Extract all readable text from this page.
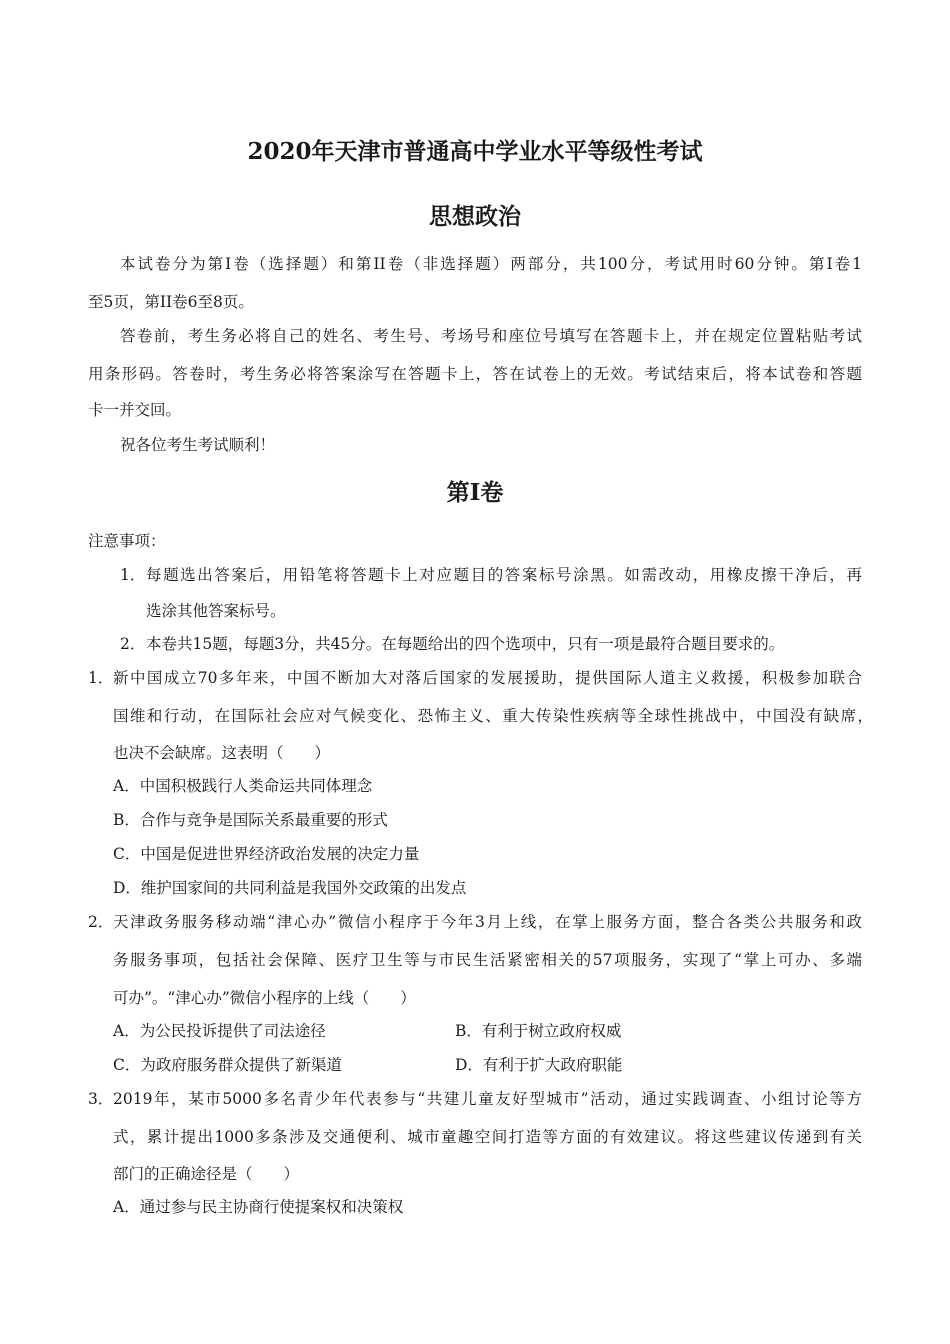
2020年天津市普通高中学业水平等级性考试
思想政治
本试卷分为第I卷（选择题）和第II卷（非选择题）两部分，共100分，考试用时60分钟。第I卷1
至5页，第II卷6至8页。
答卷前，考生务必将自己的姓名、考生号、考场号和座位号填写在答题卡上，并在规定位置粘贴考试
用条形码。答卷时，考生务必将答案涂写在答题卡上，答在试卷上的无效。考试结束后，将本试卷和答题
卡一并交回。
祝各位考生考试顺利！
第I卷
注意事项：
1． 每题选出答案后，用铅笔将答题卡上对应题目的答案标号涂黑。如需改动，用橡皮擦干净后，再
选涂其他答案标号。
2． 本卷共15题，每题3分，共45分。在每题给出的四个选项中，只有一项是最符合题目要求的。
1． 新中国成立70多年来，中国不断加大对落后国家的发展援助，提供国际人道主义救援，积极参加联合
国维和行动，在国际社会应对气候变化、恐怖主义、重大传染性疾病等全球性挑战中，中国没有缺席，
也决不会缺席。这表明（　　）
A．中国积极践行人类命运共同体理念
B．合作与竞争是国际关系最重要的形式
C．中国是促进世界经济政治发展的决定力量
D．维护国家间的共同利益是我国外交政策的出发点
2． 天津政务服务移动端“津心办”微信小程序于今年3月上线，在掌上服务方面，整合各类公共服务和政
务服务事项，包括社会保障、医疗卫生等与市民生活紧密相关的57项服务，实现了“掌上可办、多端
可办”。“津心办”微信小程序的上线（　　）
A．为公民投诉提供了司法途径	B．有利于树立政府权威
C．为政府服务群众提供了新渠道	D．有利于扩大政府职能
3． 2019年，某市5000多名青少年代表参与“共建儿童友好型城市”活动，通过实践调查、小组讨论等方
式，累计提出1000多条涉及交通便利、城市童趣空间打造等方面的有效建议。将这些建议传递到有关
部门的正确途径是（　　）
A．通过参与民主协商行使提案权和决策权
